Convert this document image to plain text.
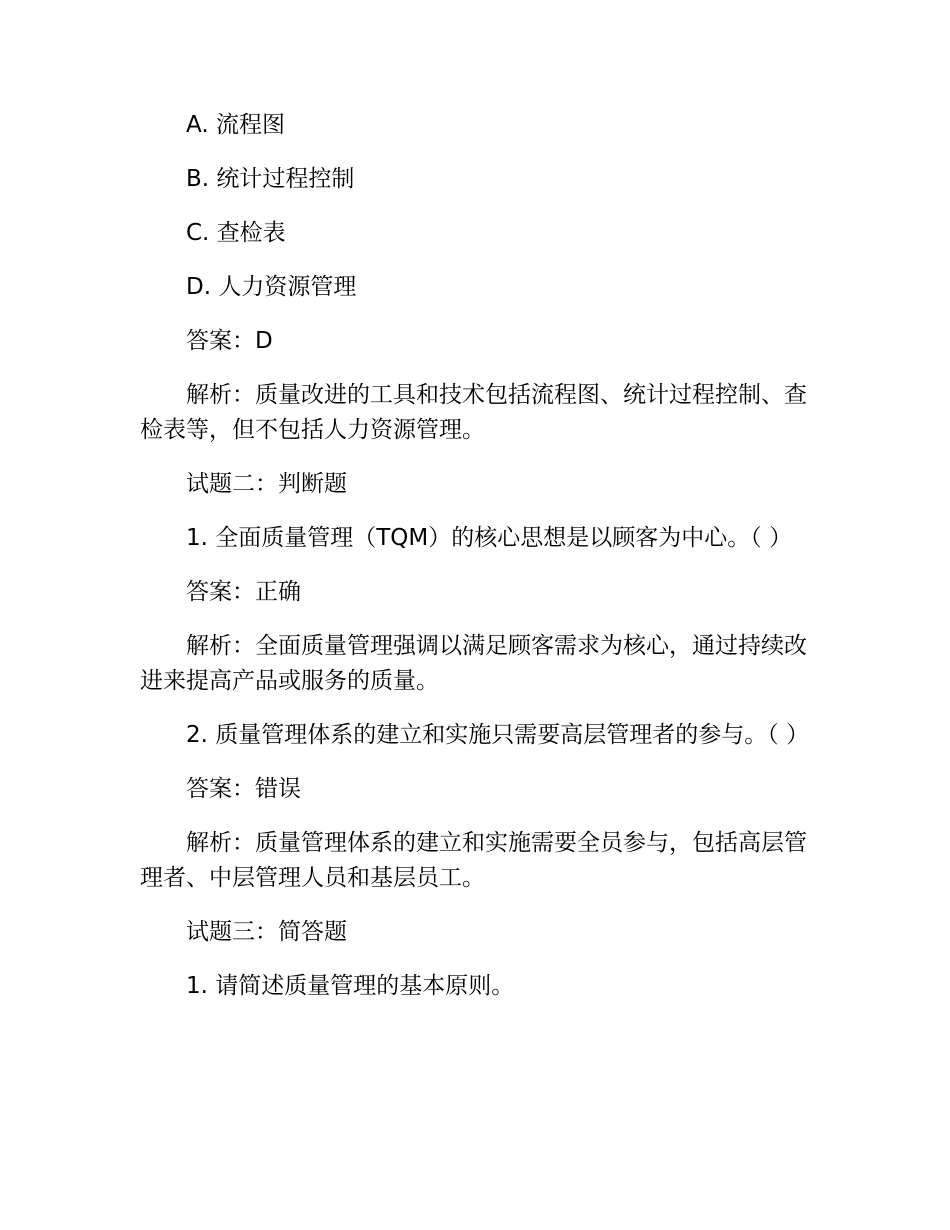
A. 流程图

B. 统计过程控制

C. 查检表

D. 人力资源管理

答案：D

解析：质量改进的工具和技术包括流程图、统计过程控制、查检表等，但不包括人力资源管理。

试题二：判断题

1. 全面质量管理（TQM）的核心思想是以顾客为中心。（ ）

答案：正确

解析：全面质量管理强调以满足顾客需求为核心，通过持续改进来提高产品或服务的质量。

2. 质量管理体系的建立和实施只需要高层管理者的参与。（ ）

答案：错误

解析：质量管理体系的建立和实施需要全员参与，包括高层管理者、中层管理人员和基层员工。

试题三：简答题

1. 请简述质量管理的基本原则。
